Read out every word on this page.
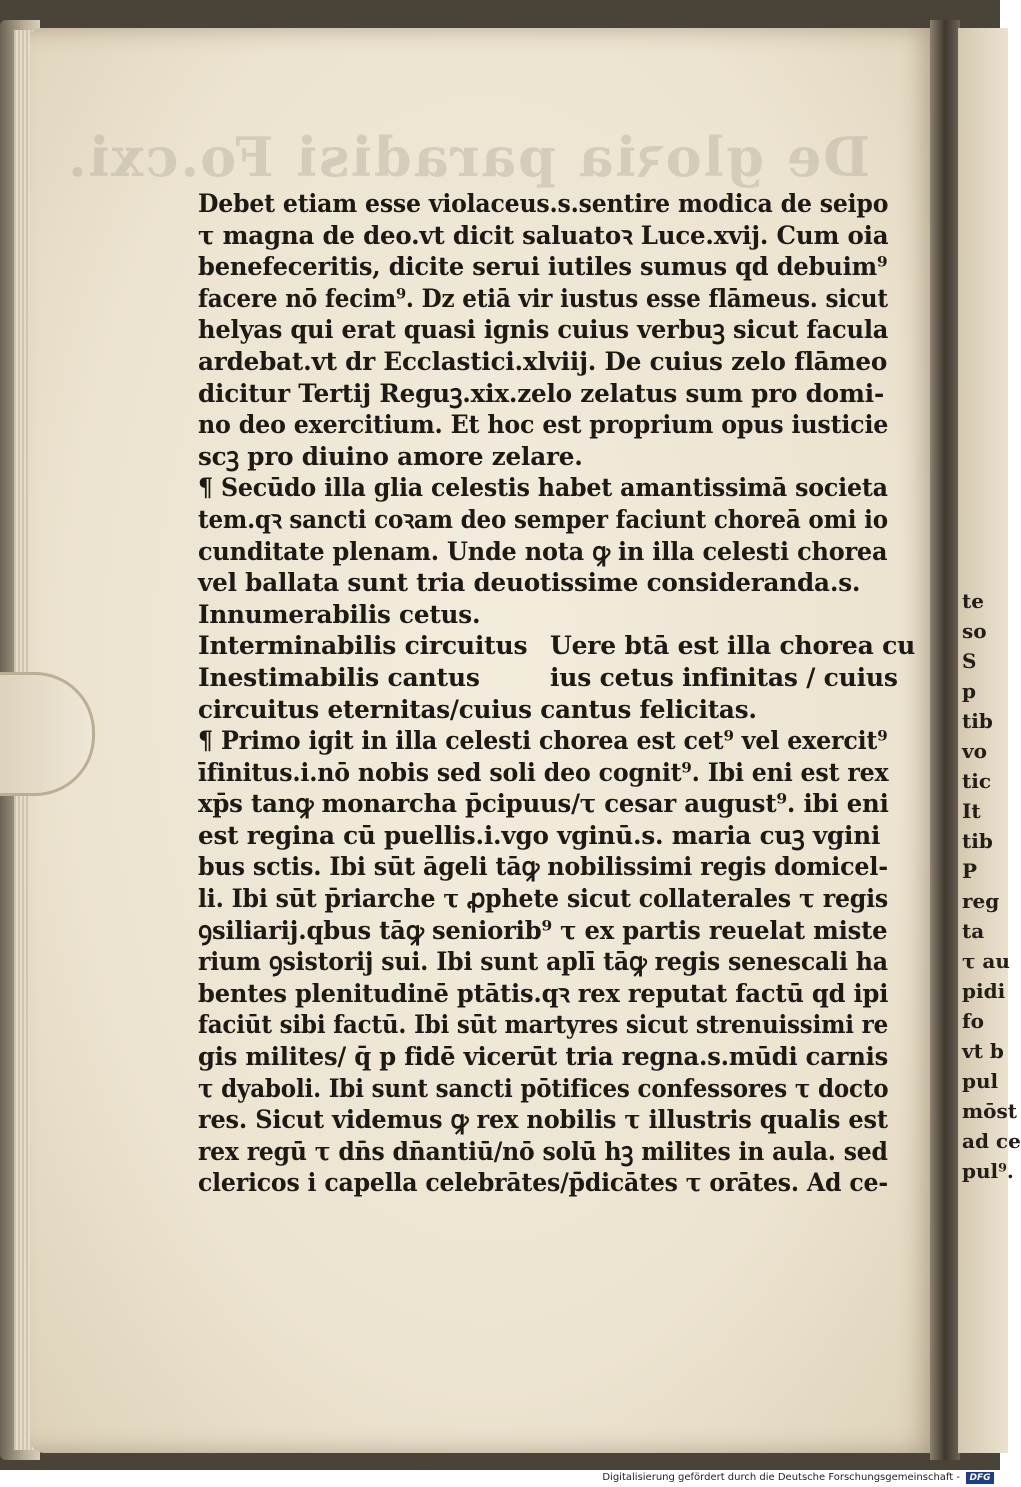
De gloꝛia paradisi Fo.cxi.
Debet etiam esse violaceus.s.sentire modica de seipo
τ magna de deo.vt dicit saluatoꝛ Luce.xvij. Cum oia
benefeceritis, dicite serui iutiles sumus qd debuim⁹
facere nō fecim⁹. Dz etiā vir iustus esse flāmeus. sicut
helyas qui erat quasi ignis cuius verbuꝫ sicut facula
ardebat.vt dr Ecclastici.xlviij. De cuius zelo flāmeo
dicitur Tertij Reguꝫ.xix.zelo zelatus sum pro domi-
no deo exercitium. Et hoc est proprium opus iusticie
scꝫ pro diuino amore zelare.
¶ Secūdo illa glia celestis habet amantissimā societa
tem.qꝛ sancti coꝛam deo semper faciunt choreā omi io
cunditate plenam. Unde nota ꝙ in illa celesti chorea
vel ballata sunt tria deuotissime consideranda.s.
Innumerabilis cetus.
Interminabilis circuitus Uere btā est illa chorea cu
Inestimabilis cantus	ius cetus infinitas / cuius
circuitus eternitas/cuius cantus felicitas.
¶ Primo igit in illa celesti chorea est cet⁹ vel exercit⁹
īfinitus.i.nō nobis sed soli deo cognit⁹. Ibi eni est rex
xp̄s tanꝙ monarcha p̄cipuus/τ cesar august⁹. ibi eni
est regina cū puellis.i.vgo vginū.s. maria cuꝫ vgini
bus sctis. Ibi sūt āgeli tāꝙ nobilissimi regis domicel-
li. Ibi sūt p̄riarche τ ꝓphete sicut collaterales τ regis
ꝯsiliarij.qbus tāꝙ seniorib⁹ τ ex partis reuelat miste
rium ꝯsistorij sui. Ibi sunt aplī tāꝙ regis senescali ha
bentes plenitudinē ptātis.qꝛ rex reputat factū qd ipi
faciūt sibi factū. Ibi sūt martyres sicut strenuissimi re
gis milites/ q̄ p fidē vicerūt tria regna.s.mūdi carnis
τ dyaboli. Ibi sunt sancti pōtifices confessores τ docto
res. Sicut videmus ꝙ rex nobilis τ illustris qualis est
rex regū τ dn̄s dn̄antiū/nō solū hꝫ milites in aula. sed
clericos i capella celebrātes/p̄dicātes τ orātes. Ad ce-
te
so
S
p
tib
vo
tic
It
tib
P
reg
ta
τ au
pidi
fo
vt b
pul
mōst
ad ce
pul⁹.
Digitalisierung gefördert durch die Deutsche Forschungsgemeinschaft -	DFG
